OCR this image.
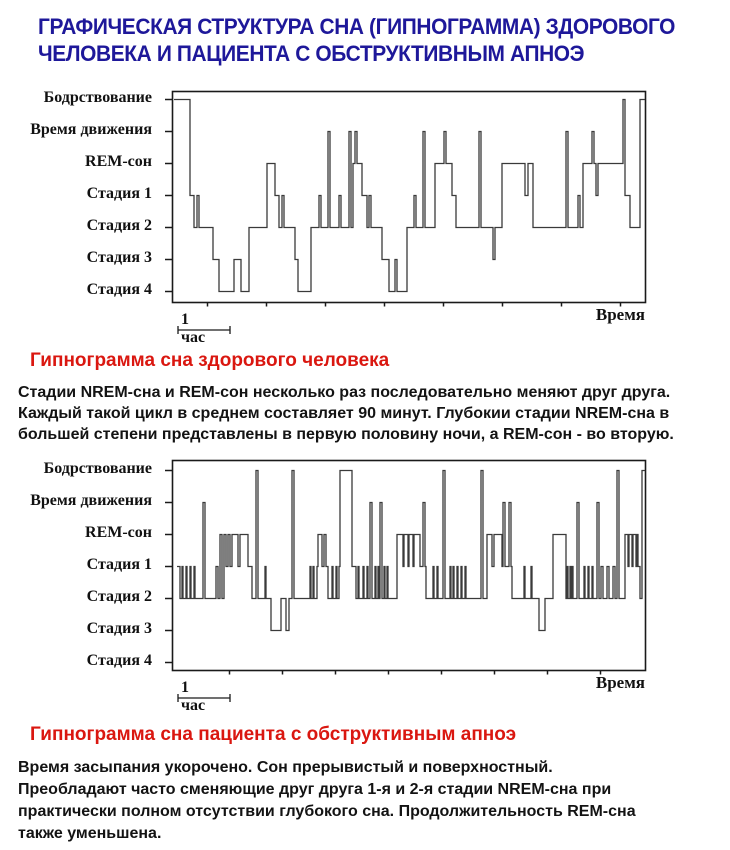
ГРАФИЧЕСКАЯ СТРУКТУРА СНА (ГИПНОГРАММА) ЗДОРОВОГО
ЧЕЛОВЕКА И ПАЦИЕНТА С ОБСТРУКТИВНЫМ АПНОЭ
Бодрствование
Время движения
REM-сон
Стадия 1
Стадия 2
Стадия 3
Стадия 4
Время
1 час
Бодрствование
Время движения
REM-сон
Стадия 1
Стадия 2
Стадия 3
Стадия 4
Время
1 час
Гипнограмма сна здорового человека
Стадии NREM-сна и REM-сон несколько раз последовательно меняют друг друга.
Каждый такой цикл в среднем составляет 90 минут. Глубокии стадии NREM-сна в
большей степени представлены в первую половину ночи, а REM-сон - во вторую.
Гипнограмма сна пациента с обструктивным апноэ
Время засыпания укорочено. Сон прерывистый и поверхностный.
Преобладают часто сменяющие друг друга 1-я и 2-я стадии NREM-сна при
практически полном отсутствии глубокого сна. Продолжительность REM-сна
также уменьшена.
